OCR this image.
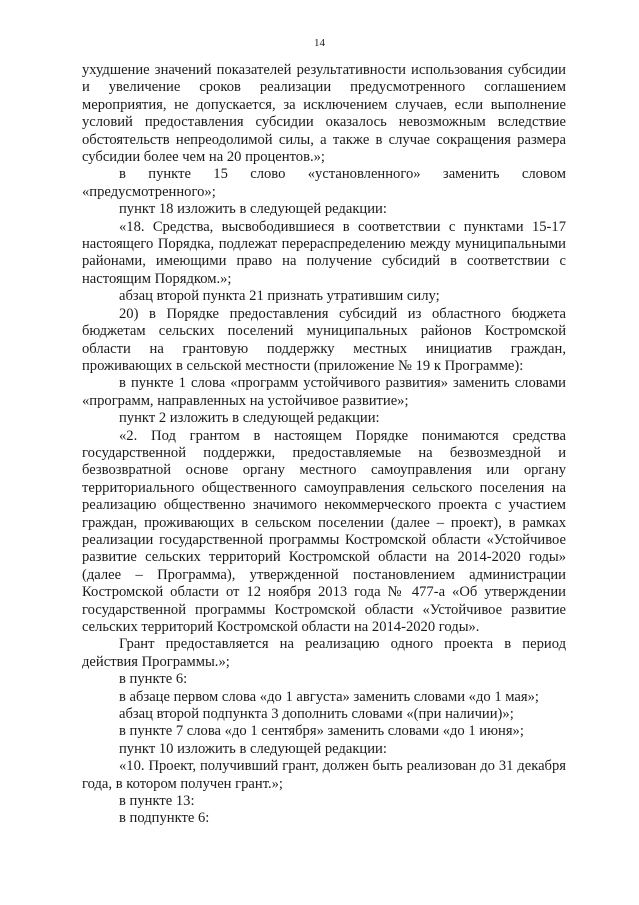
14

ухудшение значений показателей результативности использования субсидии и увеличение сроков реализации предусмотренного соглашением мероприятия, не допускается, за исключением случаев, если выполнение условий предоставления субсидии оказалось невозможным вследствие обстоятельств непреодолимой силы, а также в случае сокращения размера субсидии более чем на 20 процентов.»;

в пункте 15 слово «установленного» заменить словом «предусмотренного»;

пункт 18 изложить в следующей редакции:

«18. Средства, высвободившиеся в соответствии с пунктами 15-17 настоящего Порядка, подлежат перераспределению между муниципальными районами, имеющими право на получение субсидий в соответствии с настоящим Порядком.»;

абзац второй пункта 21 признать утратившим силу;

20) в Порядке предоставления субсидий из областного бюджета бюджетам сельских поселений муниципальных районов Костромской области на грантовую поддержку местных инициатив граждан, проживающих в сельской местности (приложение № 19 к Программе):

в пункте 1 слова «программ устойчивого развития» заменить словами «программ, направленных на устойчивое развитие»;

пункт 2 изложить в следующей редакции:

«2. Под грантом в настоящем Порядке понимаются средства государственной поддержки, предоставляемые на безвозмездной и безвозвратной основе органу местного самоуправления или органу территориального общественного самоуправления сельского поселения на реализацию общественно значимого некоммерческого проекта с участием граждан, проживающих в сельском поселении (далее – проект), в рамках реализации государственной программы Костромской области «Устойчивое развитие сельских территорий Костромской области на 2014-2020 годы» (далее – Программа), утвержденной постановлением администрации Костромской области от 12 ноября 2013 года № 477-а «Об утверждении государственной программы Костромской области «Устойчивое развитие сельских территорий Костромской области на 2014-2020 годы».

Грант предоставляется на реализацию одного проекта в период действия Программы.»;

в пункте 6:

в абзаце первом слова «до 1 августа» заменить словами «до 1 мая»;

абзац второй подпункта 3 дополнить словами «(при наличии)»;

в пункте 7 слова «до 1 сентября» заменить словами «до 1 июня»;

пункт 10 изложить в следующей редакции:

«10. Проект, получивший грант, должен быть реализован до 31 декабря года, в котором получен грант.»;

в пункте 13:

в подпункте 6:
